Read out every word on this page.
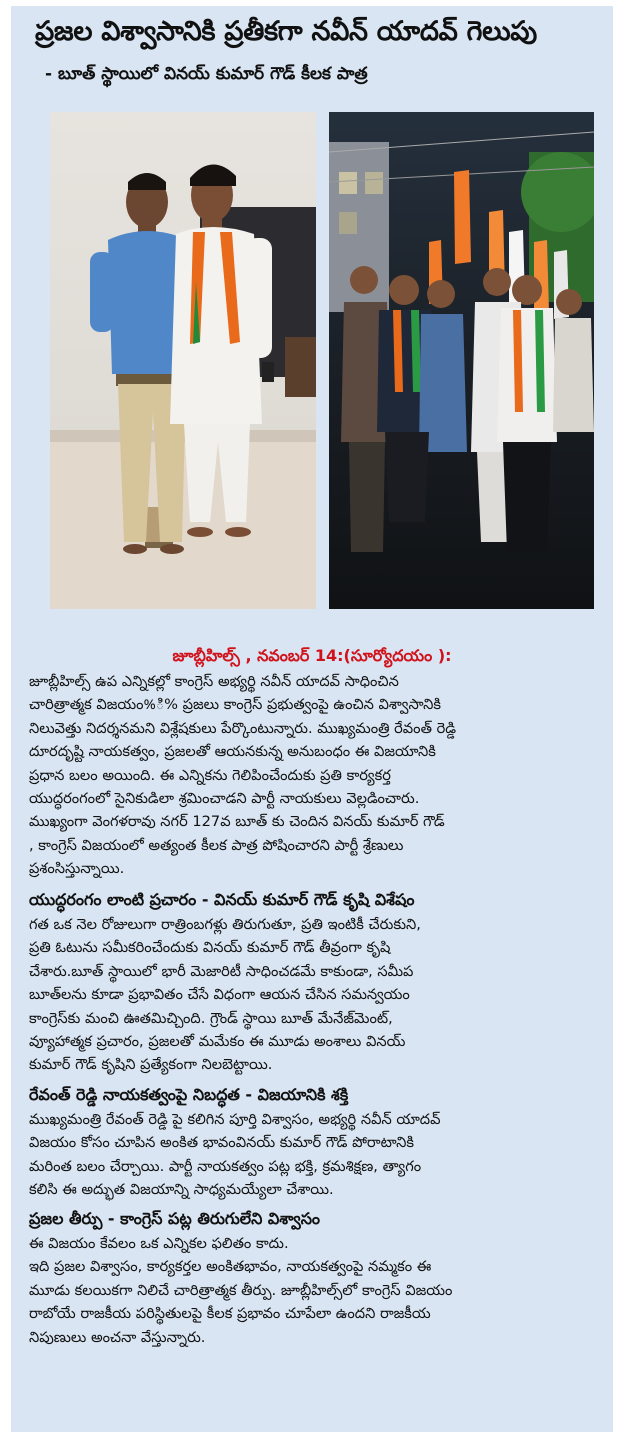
ప్రజల విశ్వాసానికి ప్రతీకగా నవీన్ యాదవ్ గెలుపు
- బూత్ స్థాయిలో వినయ్ కుమార్ గౌడ్ కీలక పాత్ర
జూబ్లీహిల్స్ , నవంబర్ 14:(సూర్యోదయం ):

జూబ్లీహిల్స్ ఉప ఎన్నికల్లో కాంగ్రెస్ అభ్యర్థి నవీన్ యాదవ్ సాధించిన

చారిత్రాత్మక విజయం%ి% ప్రజలు కాంగ్రెస్ ప్రభుత్వంపై ఉంచిన విశ్వాసానికి

నిలువెత్తు నిదర్శనమని విశ్లేషకులు పేర్కొంటున్నారు. ముఖ్యమంత్రి రేవంత్ రెడ్డి

దూరదృష్టి నాయకత్వం, ప్రజలతో ఆయనకున్న అనుబంధం ఈ విజయానికి

ప్రధాన బలం అయింది. ఈ ఎన్నికను గెలిపించేందుకు ప్రతి కార్యకర్త

యుద్ధరంగంలో సైనికుడిలా శ్రమించాడని పార్టీ నాయకులు వెల్లడించారు.

ముఖ్యంగా వెంగళరావు నగర్ 127వ బూత్ కు చెందిన వినయ్ కుమార్ గౌడ్

, కాంగ్రెస్ విజయంలో అత్యంత కీలక పాత్ర పోషించారని పార్టీ శ్రేణులు

ప్రశంసిస్తున్నాయి.

యుద్ధరంగం లాంటి ప్రచారం - వినయ్ కుమార్ గౌడ్ కృషి విశేషం

గత ఒక నెల రోజులుగా రాత్రింబగళ్లు తిరుగుతూ, ప్రతి ఇంటికీ చేరుకుని,

ప్రతి ఓటును సమీకరించేందుకు వినయ్ కుమార్ గౌడ్ తీవ్రంగా కృషి

చేశారు.బూత్ స్థాయిలో భారీ మెజారిటీ సాధించడమే కాకుండా, సమీప

బూత్‌లను కూడా ప్రభావితం చేసే విధంగా ఆయన చేసిన సమన్వయం

కాంగ్రెస్‌కు మంచి ఊతమిచ్చింది. గ్రౌండ్ స్థాయి బూత్ మేనేజ్‌మెంట్,

వ్యూహాత్మక ప్రచారం, ప్రజలతో మమేకం ఈ మూడు అంశాలు వినయ్

కుమార్ గౌడ్ కృషిని ప్రత్యేకంగా నిలబెట్టాయి.

రేవంత్ రెడ్డి నాయకత్వంపై నిబద్ధత - విజయానికి శక్తి

ముఖ్యమంత్రి రేవంత్ రెడ్డి పై కలిగిన పూర్తి విశ్వాసం, అభ్యర్థి నవీన్ యాదవ్

విజయం కోసం చూపిన అంకిత భావంవినయ్ కుమార్ గౌడ్ పోరాటానికి

మరింత బలం చేర్చాయి. పార్టీ నాయకత్వం పట్ల భక్తి, క్రమశిక్షణ, త్యాగం

కలిసి ఈ అద్భుత విజయాన్ని సాధ్యమయ్యేలా చేశాయి.

ప్రజల తీర్పు - కాంగ్రెస్ పట్ల తిరుగులేని విశ్వాసం

ఈ విజయం కేవలం ఒక ఎన్నికల ఫలితం కాదు.

ఇది ప్రజల విశ్వాసం, కార్యకర్తల అంకితభావం, నాయకత్వంపై నమ్మకం ఈ

మూడు కలయికగా నిలిచే చారిత్రాత్మక తీర్పు. జూబ్లీహిల్స్‌లో కాంగ్రెస్ విజయం

రాబోయే రాజకీయ పరిస్థితులపై కీలక ప్రభావం చూపేలా ఉందని రాజకీయ

నిపుణులు అంచనా వేస్తున్నారు.
